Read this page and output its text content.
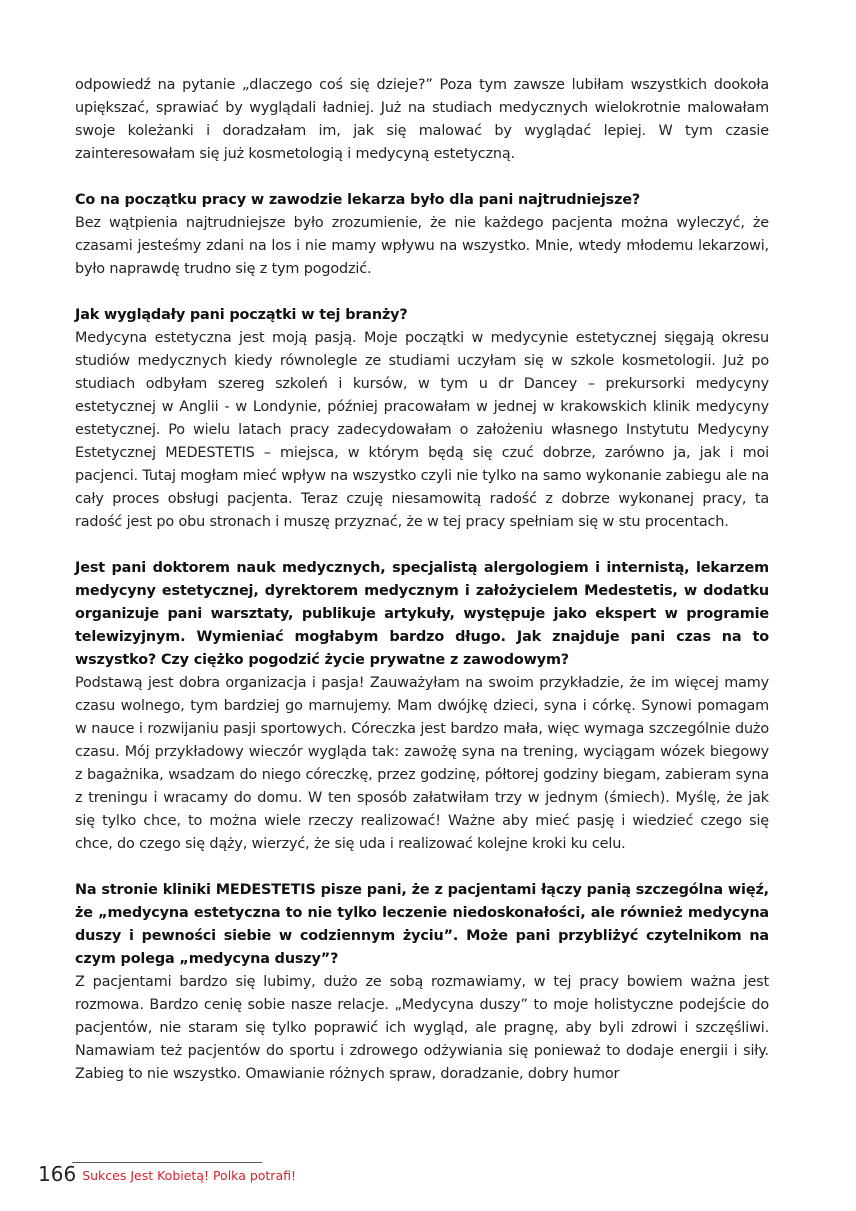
odpowiedź na pytanie „dlaczego coś się dzieje?” Poza tym zawsze lubiłam wszystkich dookoła upiększać, sprawiać by wyglądali ładniej. Już na studiach medycznych wielokrotnie malowałam swoje koleżanki i doradzałam im, jak się malować by wyglądać lepiej. W tym czasie zainteresowałam się już kosmetologią i medycyną estetyczną.

Co na początku pracy w zawodzie lekarza było dla pani najtrudniejsze?

Bez wątpienia najtrudniejsze było zrozumienie, że nie każdego pacjenta można wyleczyć, że czasami jesteśmy zdani na los i nie mamy wpływu na wszystko. Mnie, wtedy młodemu lekarzowi, było naprawdę trudno się z tym pogodzić.

Jak wyglądały pani początki w tej branży?

Medycyna estetyczna jest moją pasją. Moje początki w medycynie estetycznej sięgają okresu studiów medycznych kiedy równolegle ze studiami uczyłam się w szkole kosmetologii. Już po studiach odbyłam szereg szkoleń i kursów, w tym u dr Dancey – prekursorki medycyny estetycznej w Anglii - w Londynie, później pracowałam w jednej w krakowskich klinik medycyny estetycznej. Po wielu latach pracy zadecydowałam o założeniu własnego Instytutu Medycyny Estetycznej MEDESTETIS – miejsca, w którym będą się czuć dobrze, zarówno ja, jak i moi pacjenci. Tutaj mogłam mieć wpływ na wszystko czyli nie tylko na samo wykonanie zabiegu ale na cały proces obsługi pacjenta. Teraz czuję niesamowitą radość z dobrze wykonanej pracy, ta radość jest po obu stronach i muszę przyznać, że w tej pracy spełniam się w stu procentach.

Jest pani doktorem nauk medycznych, specjalistą alergologiem i internistą, lekarzem medycyny estetycznej, dyrektorem medycznym i założycielem Medestetis, w dodatku organizuje pani warsztaty, publikuje artykuły, występuje jako ekspert w programie telewizyjnym. Wymieniać mogłabym bardzo długo. Jak znajduje pani czas na to wszystko? Czy ciężko pogodzić życie prywatne z zawodowym?

Podstawą jest dobra organizacja i pasja! Zauważyłam na swoim przykładzie, że im więcej mamy czasu wolnego, tym bardziej go marnujemy. Mam dwójkę dzieci, syna i córkę. Synowi pomagam w nauce i rozwijaniu pasji sportowych. Córeczka jest bardzo mała, więc wymaga szczególnie dużo czasu. Mój przykładowy wieczór wygląda tak: zawożę syna na trening, wyciągam wózek biegowy z bagażnika, wsadzam do niego córeczkę, przez godzinę, półtorej godziny biegam, zabieram syna z treningu i wracamy do domu. W ten sposób załatwiłam trzy w jednym (śmiech). Myślę, że jak się tylko chce, to można wiele rzeczy realizować! Ważne aby mieć pasję i wiedzieć czego się chce, do czego się dąży, wierzyć, że się uda i realizować kolejne kroki ku celu.

Na stronie kliniki MEDESTETIS pisze pani, że z pacjentami łączy panią szczególna więź, że „medycyna estetyczna to nie tylko leczenie niedoskonałości, ale również medycyna duszy i pewności siebie w codziennym życiu”. Może pani przybliżyć czytelnikom na czym polega „medycyna duszy”?

Z pacjentami bardzo się lubimy, dużo ze sobą rozmawiamy, w tej pracy bowiem ważna jest rozmowa. Bardzo cenię sobie nasze relacje. „Medycyna duszy” to moje holistyczne podejście do pacjentów, nie staram się tylko poprawić ich wygląd, ale pragnę, aby byli zdrowi i szczęśliwi. Namawiam też pacjentów do sportu i zdrowego odżywiania się ponieważ to dodaje energii i siły. Zabieg to nie wszystko. Omawianie różnych spraw, doradzanie, dobry humor

166 Sukces Jest Kobietą! Polka potrafi!
